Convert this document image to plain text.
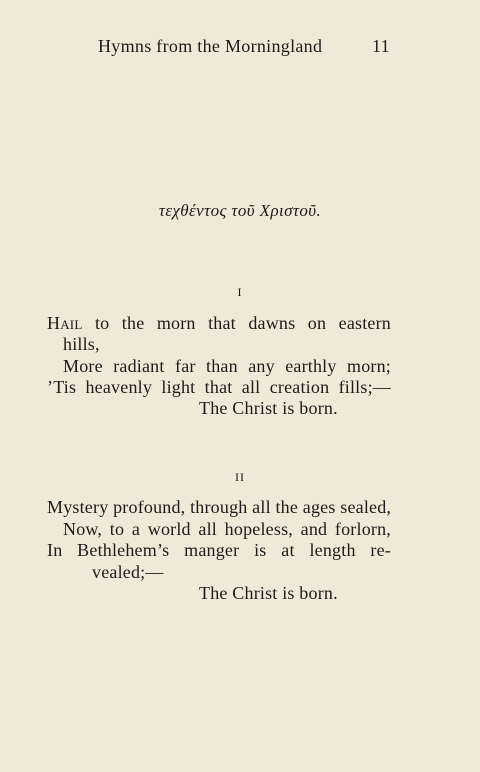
Hymns from the Morningland	11
τεχθέντος τοῦ Χριστοῦ.
I
Hail to the morn that dawns on eastern
hills,
More radiant far than any earthly morn;
’Tis heavenly light that all creation fills;—
The Christ is born.
II
Mystery profound, through all the ages sealed,
Now, to a world all hopeless, and forlorn,
In Bethlehem’s manger is at length re-
vealed;—
The Christ is born.
